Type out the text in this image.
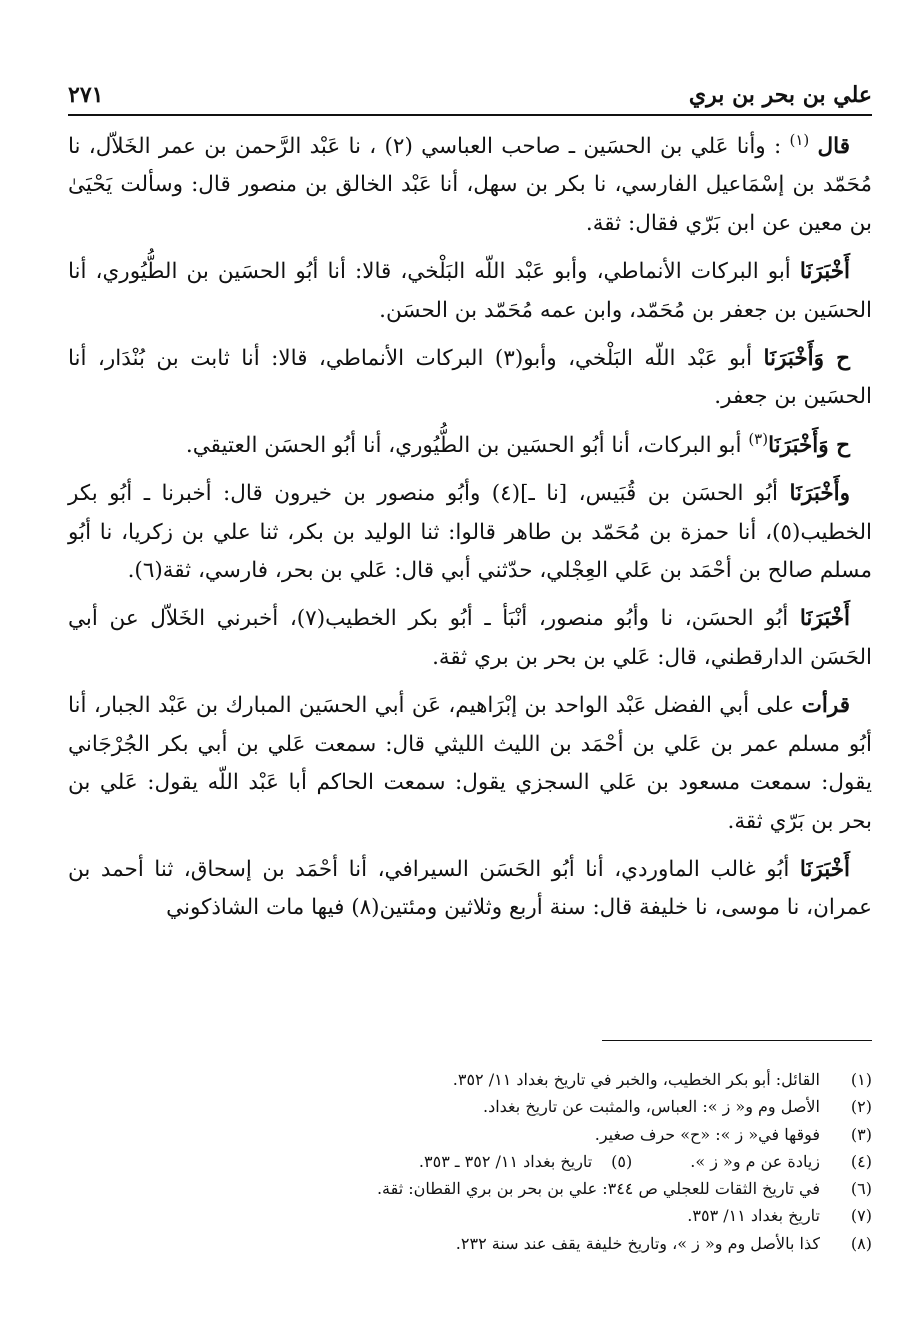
علي بن بحر بن بري
٢٧١

قال $^{(١)}$ : وأنا عَلي بن الحسَين ـ صاحب العباسي (٢) ، نا عَبْد الرَّحمن بن عمر الخَلاّل، نا مُحَمّد بن إسْمَاعيل الفارسي، نا بكر بن سهل، أنا عَبْد الخالق بن منصور قال: وسألت يَحْيَىٰ بن معين عن ابن بَرّي فقال: ثقة.

أَخْبَرَنَا أبو البركات الأنماطي، وأبو عَبْد اللّه البَلْخي، قالا: أنا أبُو الحسَين بن الطُّيُوري، أنا الحسَين بن جعفر بن مُحَمّد، وابن عمه مُحَمّد بن الحسَن.

ح وَأَخْبَرَنَا أبو عَبْد اللّه البَلْخي، وأبو(٣) البركات الأنماطي، قالا: أنا ثابت بن بُنْدَار، أنا الحسَين بن جعفر.

ح وَأَخْبَرَنَا$^{(٣)}$ أبو البركات، أنا أبُو الحسَين بن الطُّيُوري، أنا أبُو الحسَن العتيقي.

وأَخْبَرَنَا أبُو الحسَن بن قُبَيس، [نا ـ](٤) وأبُو منصور بن خيرون قال: أخبرنا ـ أبُو بكر الخطيب(٥)، أنا حمزة بن مُحَمّد بن طاهر قالوا: ثنا الوليد بن بكر، ثنا علي بن زكريا، نا أبُو مسلم صالح بن أحْمَد بن عَلي العِجْلي، حدّثني أبي قال: عَلي بن بحر، فارسي، ثقة(٦).

أَخْبَرَنَا أبُو الحسَن، نا وأبُو منصور، أنْبَأ ـ أبُو بكر الخطيب(٧)، أخبرني الخَلاّل عن أبي الحَسَن الدارقطني، قال: عَلي بن بحر بن بري ثقة.

قرأت على أبي الفضل عَبْد الواحد بن إبْرَاهيم، عَن أبي الحسَين المبارك بن عَبْد الجبار، أنا أبُو مسلم عمر بن عَلي بن أحْمَد بن الليث الليثي قال: سمعت عَلي بن أبي بكر الجُرْجَاني يقول: سمعت مسعود بن عَلي السجزي يقول: سمعت الحاكم أبا عَبْد اللّه يقول: عَلي بن بحر بن بَرّي ثقة.

أَخْبَرَنَا أبُو غالب الماوردي، أنا أبُو الحَسَن السيرافي، أنا أحْمَد بن إسحاق، ثنا أحمد بن عمران، نا موسى، نا خليفة قال: سنة أربع وثلاثين ومئتين(٨) فيها مات الشاذكوني

(١)
القائل: أبو بكر الخطيب، والخبر في تاريخ بغداد ١١/ ٣٥٢.
(٢)
الأصل وم و« ز »: العباس، والمثبت عن تاريخ بغداد.
(٣)
فوقها في« ز »: «ح» حرف صغير.
(٤)
زيادة عن م و« ز ».
(٥)
تاريخ بغداد ١١/ ٣٥٢ ـ ٣٥٣.
(٦)
في تاريخ الثقات للعجلي ص ٣٤٤: علي بن بحر بن بري القطان: ثقة.
(٧)
تاريخ بغداد ١١/ ٣٥٣.
(٨)
كذا بالأصل وم و« ز »، وتاريخ خليفة يقف عند سنة ٢٣٢.
